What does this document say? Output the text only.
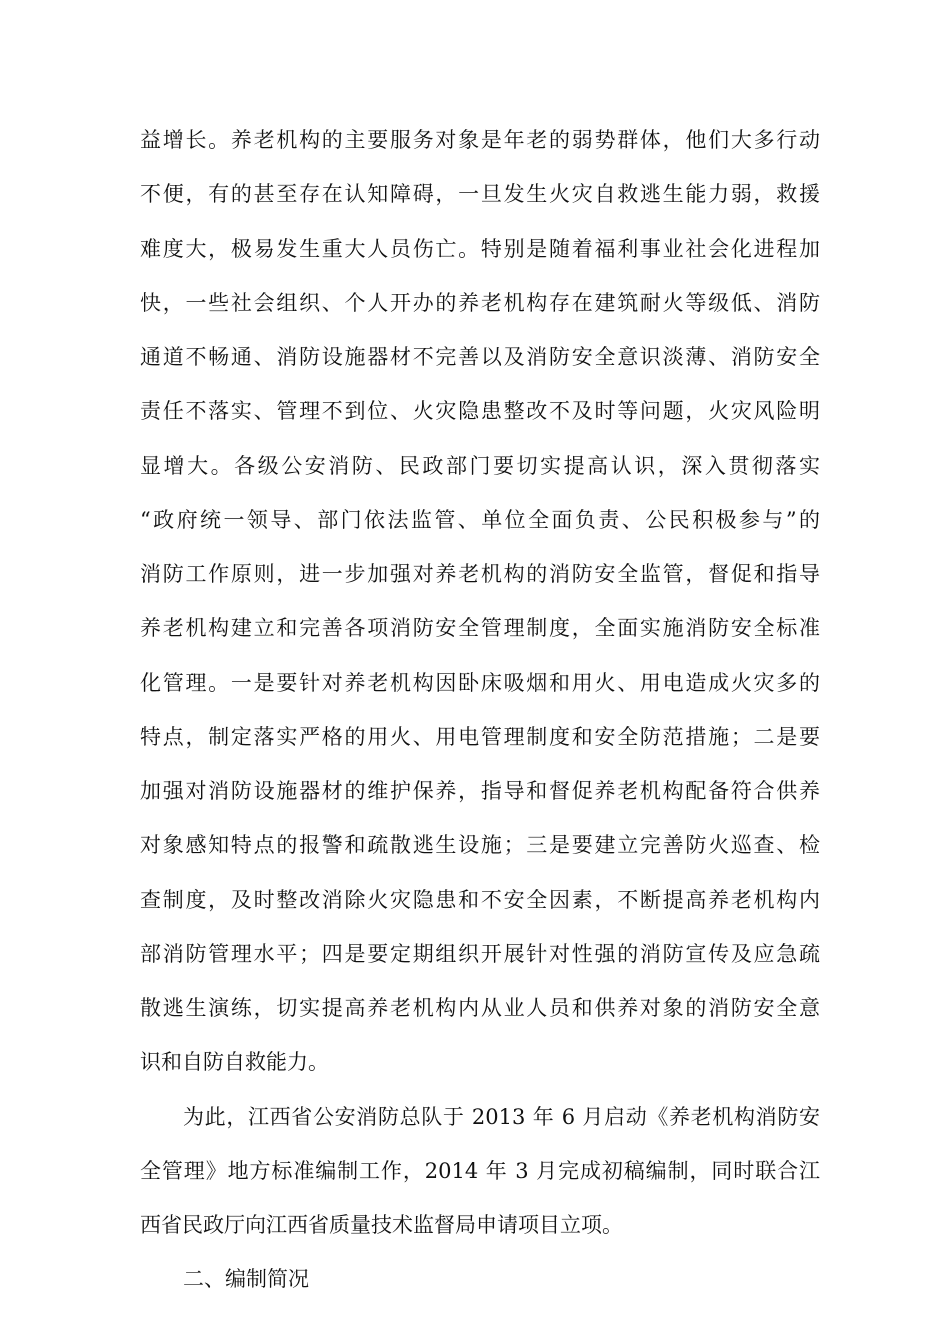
益增长。养老机构的主要服务对象是年老的弱势群体，他们大多行动
不便，有的甚至存在认知障碍，一旦发生火灾自救逃生能力弱，救援
难度大，极易发生重大人员伤亡。特别是随着福利事业社会化进程加
快，一些社会组织、个人开办的养老机构存在建筑耐火等级低、消防
通道不畅通、消防设施器材不完善以及消防安全意识淡薄、消防安全
责任不落实、管理不到位、火灾隐患整改不及时等问题，火灾风险明
显增大。各级公安消防、民政部门要切实提高认识，深入贯彻落实
“政府统一领导、部门依法监管、单位全面负责、公民积极参与”的
消防工作原则，进一步加强对养老机构的消防安全监管，督促和指导
养老机构建立和完善各项消防安全管理制度，全面实施消防安全标准
化管理。一是要针对养老机构因卧床吸烟和用火、用电造成火灾多的
特点，制定落实严格的用火、用电管理制度和安全防范措施；二是要
加强对消防设施器材的维护保养，指导和督促养老机构配备符合供养
对象感知特点的报警和疏散逃生设施；三是要建立完善防火巡查、检
查制度，及时整改消除火灾隐患和不安全因素，不断提高养老机构内
部消防管理水平；四是要定期组织开展针对性强的消防宣传及应急疏
散逃生演练，切实提高养老机构内从业人员和供养对象的消防安全意
识和自防自救能力。
为此，江西省公安消防总队于 2013 年 6 月启动《养老机构消防安
全管理》地方标准编制工作，2014 年 3 月完成初稿编制，同时联合江
西省民政厅向江西省质量技术监督局申请项目立项。
二、编制简况
